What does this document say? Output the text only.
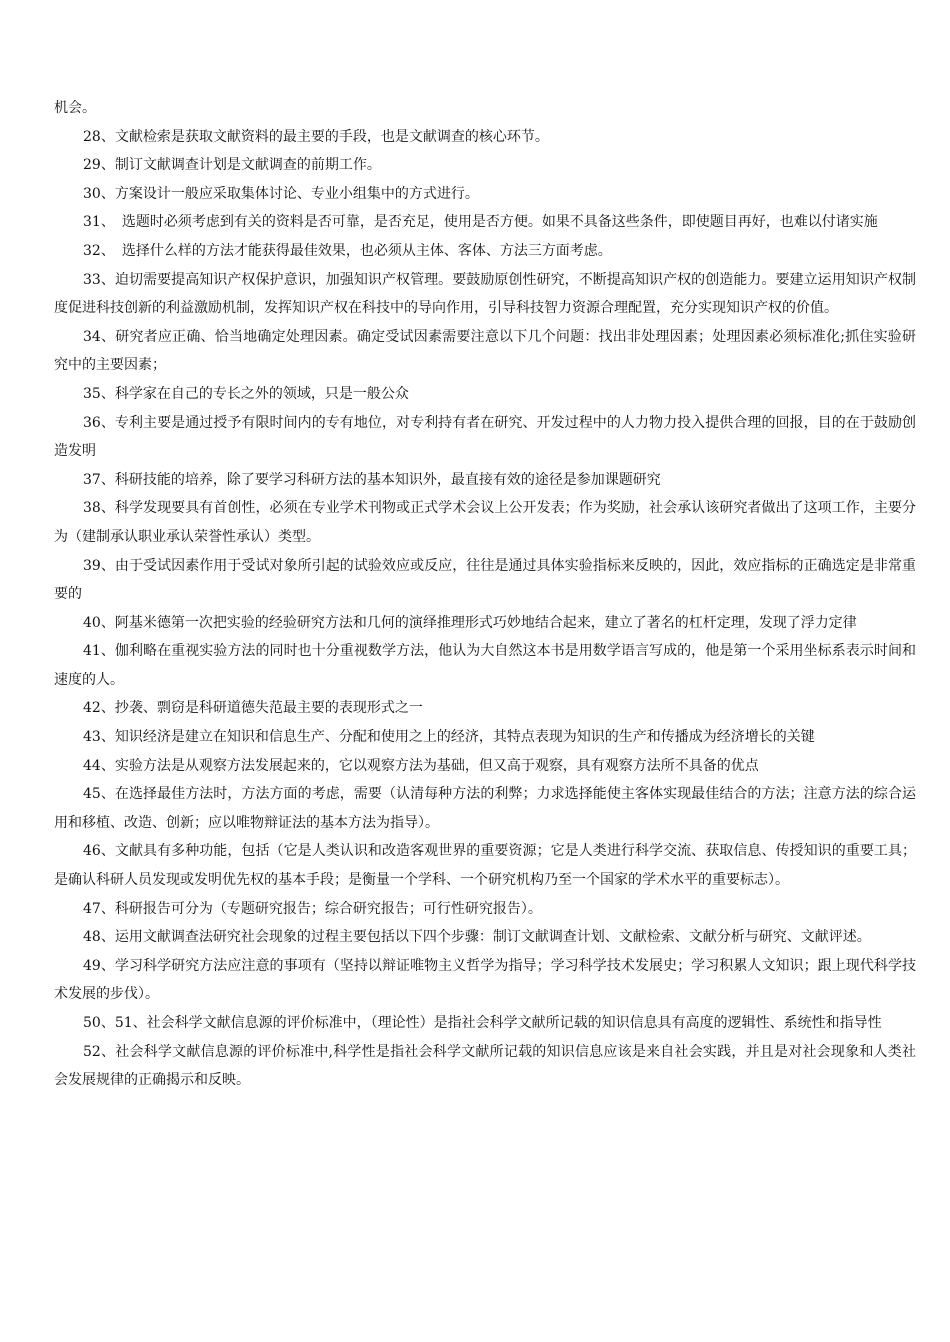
机会。

28、文献检索是获取文献资料的最主要的手段，也是文献调查的核心环节。

29、制订文献调查计划是文献调查的前期工作。

30、方案设计一般应采取集体讨论、专业小组集中的方式进行。

31、　选题时必须考虑到有关的资料是否可靠，是否充足，使用是否方便。如果不具备这些条件，即使题目再好，也难以付诸实施

32、　选择什么样的方法才能获得最佳效果，也必须从主体、客体、方法三方面考虑。

33、迫切需要提高知识产权保护意识，加强知识产权管理。要鼓励原创性研究，不断提高知识产权的创造能力。要建立运用知识产权制度促进科技创新的利益激励机制，发挥知识产权在科技中的导向作用，引导科技智力资源合理配置，充分实现知识产权的价值。

34、研究者应正确、恰当地确定处理因素。确定受试因素需要注意以下几个问题：找出非处理因素；处理因素必须标准化;抓住实验研究中的主要因素；

35、科学家在自己的专长之外的领域，只是一般公众

36、专利主要是通过授予有限时间内的专有地位，对专利持有者在研究、开发过程中的人力物力投入提供合理的回报，目的在于鼓励创造发明

37、科研技能的培养，除了要学习科研方法的基本知识外，最直接有效的途径是参加课题研究

38、科学发现要具有首创性，必须在专业学术刊物或正式学术会议上公开发表；作为奖励，社会承认该研究者做出了这项工作，主要分为（建制承认职业承认荣誉性承认）类型。

39、由于受试因素作用于受试对象所引起的试验效应或反应，往往是通过具体实验指标来反映的，因此，效应指标的正确选定是非常重要的

40、阿基米德第一次把实验的经验研究方法和几何的演绎推理形式巧妙地结合起来，建立了著名的杠杆定理，发现了浮力定律

41、伽利略在重视实验方法的同时也十分重视数学方法，他认为大自然这本书是用数学语言写成的，他是第一个采用坐标系表示时间和速度的人。

42、抄袭、剽窃是科研道德失范最主要的表现形式之一

43、知识经济是建立在知识和信息生产、分配和使用之上的经济，其特点表现为知识的生产和传播成为经济增长的关键

44、实验方法是从观察方法发展起来的，它以观察方法为基础，但又高于观察，具有观察方法所不具备的优点

45、在选择最佳方法时，方法方面的考虑，需要（认清每种方法的利弊；力求选择能使主客体实现最佳结合的方法；注意方法的综合运用和移植、改造、创新；应以唯物辩证法的基本方法为指导）。

46、文献具有多种功能，包括（它是人类认识和改造客观世界的重要资源；它是人类进行科学交流、获取信息、传授知识的重要工具；是确认科研人员发现或发明优先权的基本手段；是衡量一个学科、一个研究机构乃至一个国家的学术水平的重要标志）。

47、科研报告可分为（专题研究报告；综合研究报告；可行性研究报告）。

48、运用文献调查法研究社会现象的过程主要包括以下四个步骤：制订文献调查计划、文献检索、文献分析与研究、文献评述。

49、学习科学研究方法应注意的事项有（坚持以辩证唯物主义哲学为指导；学习科学技术发展史；学习积累人文知识；跟上现代科学技术发展的步伐）。

50、51、社会科学文献信息源的评价标准中，（理论性）是指社会科学文献所记载的知识信息具有高度的逻辑性、系统性和指导性

52、社会科学文献信息源的评价标准中,科学性是指社会科学文献所记载的知识信息应该是来自社会实践，并且是对社会现象和人类社会发展规律的正确揭示和反映。
